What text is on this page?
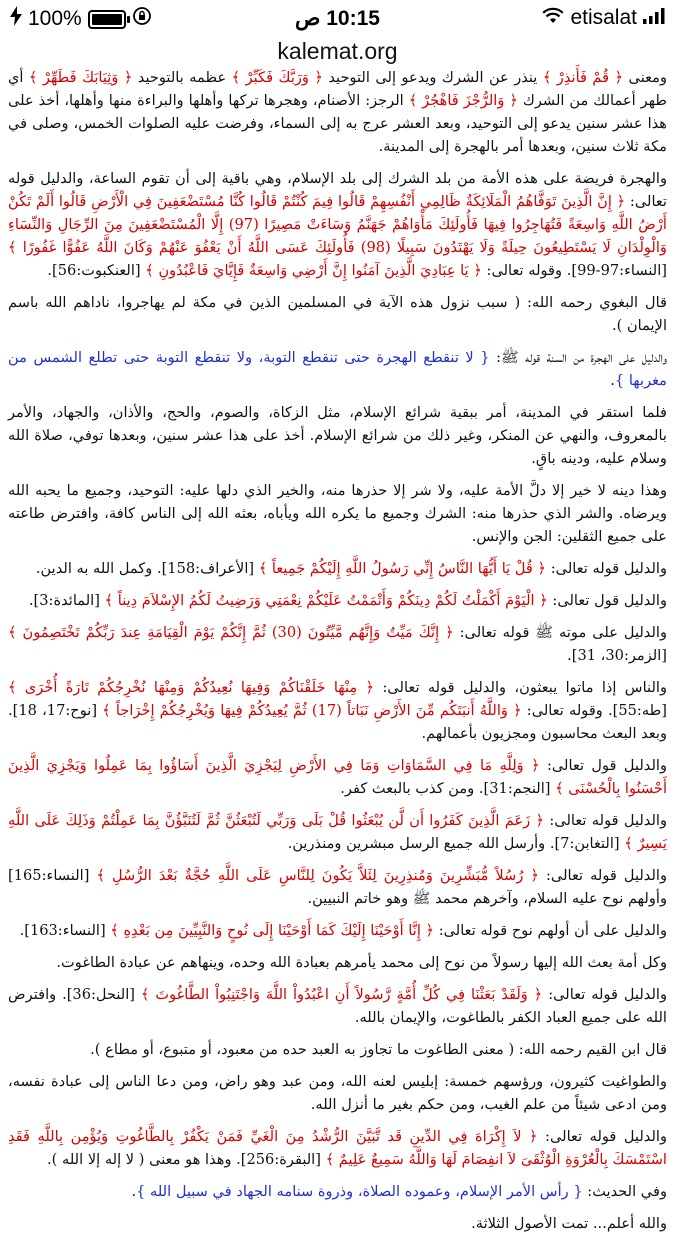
100%	10:15 ص	etisalat
kalemat.org

ومعنى ﴿ قُمْ فَأَنذِرْ ﴾ ينذر عن الشرك ويدعو إلى التوحيد ﴿ وَرَبَّكَ فَكَبِّرْ ﴾ عظمه بالتوحيد ﴿ وَثِيَابَكَ فَطَهِّرْ ﴾ أي طهر أعمالك من الشرك ﴿ وَالرُّجْزَ فَاهْجُرْ ﴾ الرجز: الأصنام، وهجرها تركها وأهلها والبراءة منها وأهلها، أخذ على هذا عشر سنين يدعو إلى التوحيد، وبعد العشر عرج به إلى السماء، وفرضت عليه الصلوات الخمس، وصلى في مكة ثلاث سنين، وبعدها أمر بالهجرة إلى المدينة.

والهجرة فريضة على هذه الأمة من بلد الشرك إلى بلد الإسلام، وهي باقية إلى أن تقوم الساعة، والدليل قوله تعالى: ﴿ إِنَّ الَّذِينَ تَوَفَّاهُمُ الْمَلَائِكَةُ ظَالِمِي أَنْفُسِهِمْ قَالُوا فِيمَ كُنْتُمْ قَالُوا كُنَّا مُسْتَضْعَفِينَ فِي الْأَرْضِ قَالُوا أَلَمْ تَكُنْ أَرْضُ اللَّهِ وَاسِعَةً فَتُهَاجِرُوا فِيهَا فَأُولَئِكَ مَأْوَاهُمْ جَهَنَّمُ وَسَاءَتْ مَصِيرًا (97) إِلَّا الْمُسْتَضْعَفِينَ مِنَ الرِّجَالِ وَالنِّسَاءِ وَالْوِلْدَانِ لَا يَسْتَطِيعُونَ حِيلَةً وَلَا يَهْتَدُونَ سَبِيلًا (98) فَأُولَئِكَ عَسَى اللَّهُ أَنْ يَعْفُوَ عَنْهُمْ وَكَانَ اللَّهُ عَفُوًّا غَفُورًا ﴾ [النساء:97-99]. وقوله تعالى: ﴿ يَا عِبَادِيَ الَّذِينَ آمَنُوا إِنَّ أَرْضِي وَاسِعَةٌ فَإِيَّايَ فَاعْبُدُونِ ﴾ [العنكبوت:56].

قال البغوي رحمه الله: ( سبب نزول هذه الآية في المسلمين الذين في مكة لم يهاجروا، ناداهم الله باسم الإيمان ).

والدليل على الهجرة من السنة قوله ﷺ: { لا تنقطع الهجرة حتى تنقطع التوبة، ولا تنقطع التوبة حتى تطلع الشمس من مغربها }.

فلما استقر في المدينة، أمر ببقية شرائع الإسلام، مثل الزكاة، والصوم، والحج، والأذان، والجهاد، والأمر بالمعروف، والنهي عن المنكر، وغير ذلك من شرائع الإسلام. أخذ على هذا عشر سنين، وبعدها توفي، صلاة الله وسلام عليه، ودينه باقٍ.

وهذا دينه لا خير إلا دلَّ الأمة عليه، ولا شر إلا حذرها منه، والخير الذي دلها عليه: التوحيد، وجميع ما يحبه الله ويرضاه. والشر الذي حذرها منه: الشرك وجميع ما يكره الله ويأباه، بعثه الله إلى الناس كافة، وافترض طاعته على جميع الثقلين: الجن والإنس.

والدليل قوله تعالى: ﴿ قُلْ يَا أَيُّهَا النَّاسُ إِنِّي رَسُولُ اللَّهِ إِلَيْكُمْ جَمِيعاً ﴾ [الأعراف:158]. وكمل الله به الدين.

والدليل قول تعالى: ﴿ الْيَوْمَ أَكْمَلْتُ لَكُمْ دِينَكُمْ وَأَتْمَمْتُ عَلَيْكُمْ نِعْمَتِي وَرَضِيتُ لَكُمُ الإِسْلاَمَ دِيناً ﴾ [المائدة:3].

والدليل على موته ﷺ قوله تعالى: ﴿ إِنَّكَ مَيِّتٌ وَإِنَّهُم مَّيِّتُونَ (30) ثُمَّ إِنَّكُمْ يَوْمَ الْقِيَامَةِ عِندَ رَبِّكُمْ تَخْتَصِمُونَ ﴾ [الزمر:30، 31].

والناس إذا ماتوا يبعثون، والدليل قوله تعالى: ﴿ مِنْهَا خَلَقْنَاكُمْ وَفِيهَا نُعِيدُكُمْ وَمِنْهَا نُخْرِجُكُمْ تَارَةً أُخْرَى ﴾ [طه:55]. وقوله تعالى: ﴿ وَاللَّهُ أَنبَتَكُم مِّنَ الأَرْضِ نَبَاتاً (17) ثُمَّ يُعِيدُكُمْ فِيهَا وَيُخْرِجُكُمْ إِخْرَاجاً ﴾ [نوح:17، 18]. وبعد البعث محاسبون ومجزيون بأعمالهم.

والدليل قول تعالى: ﴿ وَلِلَّهِ مَا فِي السَّمَاوَاتِ وَمَا فِي الأَرْضِ لِيَجْزِيَ الَّذِينَ أَسَاؤُوا بِمَا عَمِلُوا وَيَجْزِيَ الَّذِينَ أَحْسَنُوا بِالْحُسْنَى ﴾ [النجم:31]. ومن كذب بالبعث كفر.

والدليل قوله تعالى: ﴿ زَعَمَ الَّذِينَ كَفَرُوا أَن لَّن يُبْعَثُوا قُلْ بَلَى وَرَبِّي لَتُبْعَثُنَّ ثُمَّ لَتُنَبَّؤُنَّ بِمَا عَمِلْتُمْ وَذَلِكَ عَلَى اللَّهِ يَسِيرٌ ﴾ [التغابن:7]. وأرسل الله جميع الرسل مبشرين ومنذرين.

والدليل قوله تعالى: ﴿ رُسُلاً مُّبَشِّرِينَ وَمُنذِرِينَ لِئَلاَّ يَكُونَ لِلنَّاسِ عَلَى اللَّهِ حُجَّةٌ بَعْدَ الرُّسُلِ ﴾ [النساء:165] وأولهم نوح عليه السلام، وآخرهم محمد ﷺ وهو خاتم النبيين.

والدليل على أن أولهم نوح قوله تعالى: ﴿ إِنَّا أَوْحَيْنَا إِلَيْكَ كَمَا أَوْحَيْنَا إِلَى نُوحٍ وَالنَّبِيِّينَ مِن بَعْدِهِ ﴾ [النساء:163].

وكل أمة بعث الله إليها رسولاً من نوح إلى محمد يأمرهم بعبادة الله وحده، وينهاهم عن عبادة الطاغوت.

والدليل قوله تعالى: ﴿ وَلَقَدْ بَعَثْنَا فِي كُلِّ أُمَّةٍ رَّسُولاً أَنِ اعْبُدُواْ اللَّهَ وَاجْتَنِبُواْ الطَّاغُوتَ ﴾ [النحل:36]. وافترض الله على جميع العباد الكفر بالطاغوت، والإيمان بالله.

قال ابن القيم رحمه الله: ( معنى الطاغوت ما تجاوز به العبد حده من معبود، أو متبوع، أو مطاع ).

والطواغيت كثيرون، ورؤسهم خمسة: إبليس لعنه الله، ومن عبد وهو راض، ومن دعا الناس إلى عبادة نفسه، ومن ادعى شيئاً من علم الغيب، ومن حكم بغير ما أنزل الله.

والدليل قوله تعالى: ﴿ لاَ إِكْرَاهَ فِي الدِّينِ قَد تَّبَيَّنَ الرُّشْدُ مِنَ الْغَيِّ فَمَنْ يَكْفُرْ بِالطَّاغُوتِ وَيُؤْمِن بِاللَّهِ فَقَدِ اسْتَمْسَكَ بِالْعُرْوَةِ الْوُثْقَىَ لاَ انفِصَامَ لَهَا وَاللَّهُ سَمِيعٌ عَلِيمٌ ﴾ [البقرة:256]. وهذا هو معنى ( لا إله إلا الله ).

وفي الحديث: { رأس الأمر الإسلام، وعموده الصلاة، وذروة سنامه الجهاد في سبيل الله }.

والله أعلم... تمت الأصول الثلاثة.
